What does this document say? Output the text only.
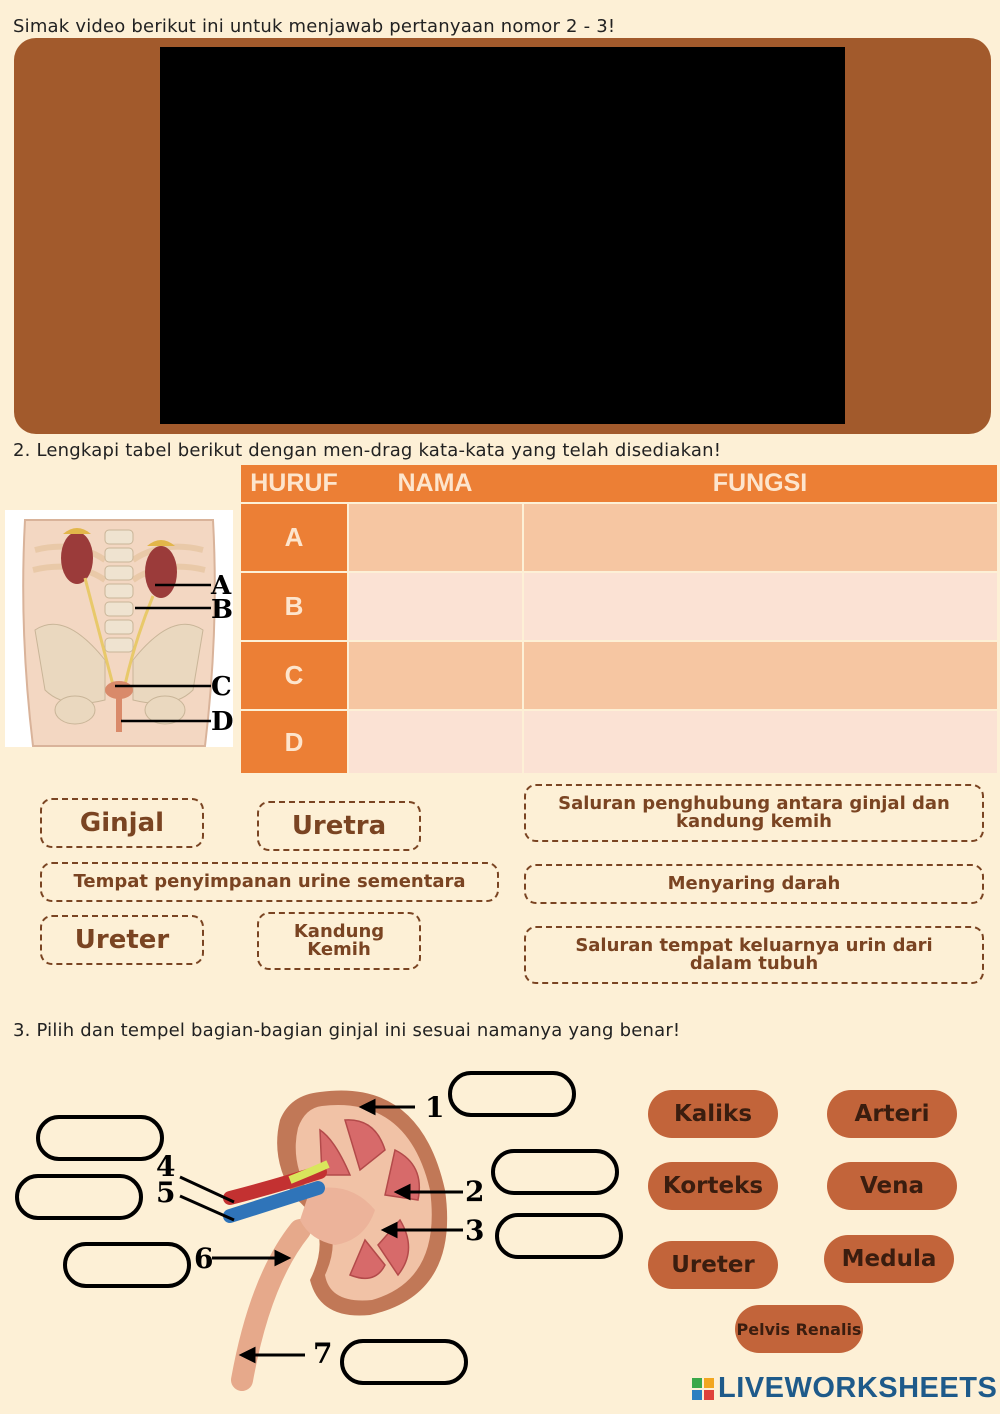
Simak video berikut ini untuk menjawab pertanyaan nomor 2 - 3!
2. Lengkapi tabel berikut dengan men-drag kata-kata yang telah disediakan!
A
B
C
D
HURUF	NAMA	FUNGSI
A
B
C
D
Ginjal	Uretra
Saluran penghubung antara ginjal dan kandung kemih
Tempat penyimpanan urine sementara	Menyaring darah
Ureter	Kandung Kemih	Saluran tempat keluarnya urin dari dalam tubuh
3. Pilih dan tempel bagian-bagian ginjal ini sesuai namanya yang benar!
1
2
3
4
5
6
7
Kaliks	Arteri
Korteks	Vena
Ureter	Medula
Pelvis Renalis
LIVEWORKSHEETS
